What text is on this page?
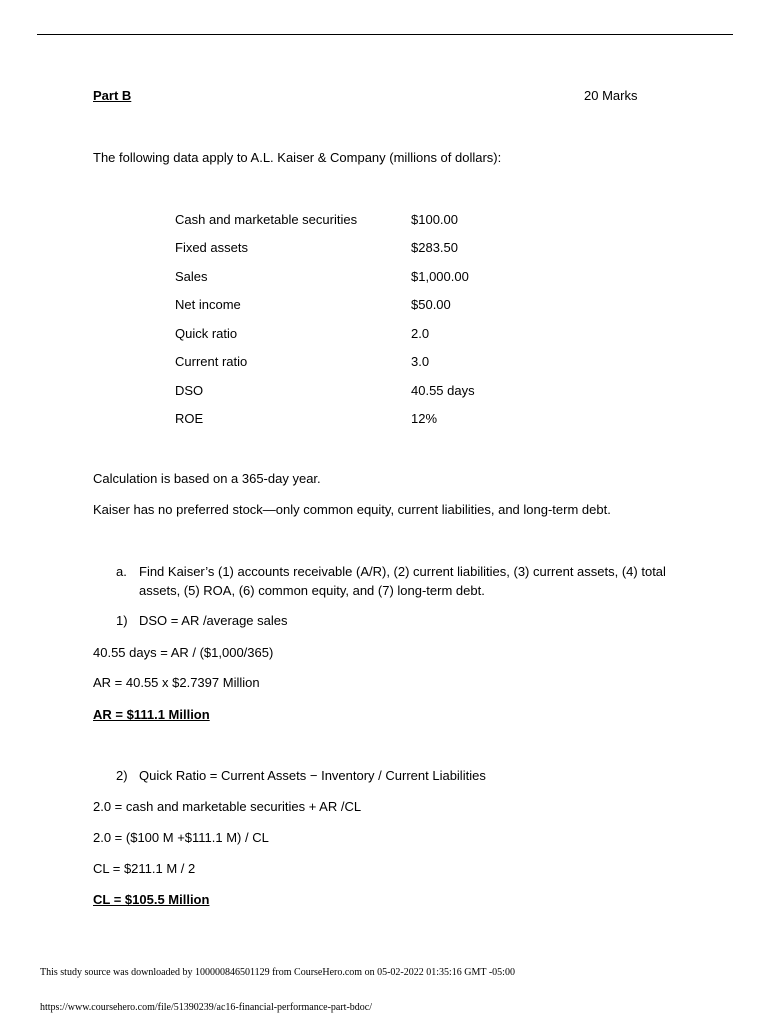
Part B	20 Marks
The following data apply to A.L. Kaiser & Company (millions of dollars):
Cash and marketable securities	$100.00
Fixed assets	$283.50
Sales	$1,000.00
Net income	$50.00
Quick ratio	2.0
Current ratio	3.0
DSO	40.55 days
ROE	12%
Calculation is based on a 365-day year.
Kaiser has no preferred stock—only common equity, current liabilities, and long-term debt.
a. Find Kaiser’s (1) accounts receivable (A/R), (2) current liabilities, (3) current assets, (4) total
assets, (5) ROA, (6) common equity, and (7) long-term debt.
1) DSO = AR /average sales
40.55 days = AR / ($1,000/365)
AR = 40.55 x $2.7397 Million
AR = $111.1 Million
2) Quick Ratio = Current Assets − Inventory / Current Liabilities
2.0 = cash and marketable securities + AR /CL
2.0 = ($100 M +$111.1 M) / CL
CL = $211.1 M / 2
CL = $105.5 Million
This study source was downloaded by 100000846501129 from CourseHero.com on 05-02-2022 01:35:16 GMT -05:00
https://www.coursehero.com/file/51390239/ac16-financial-performance-part-bdoc/
